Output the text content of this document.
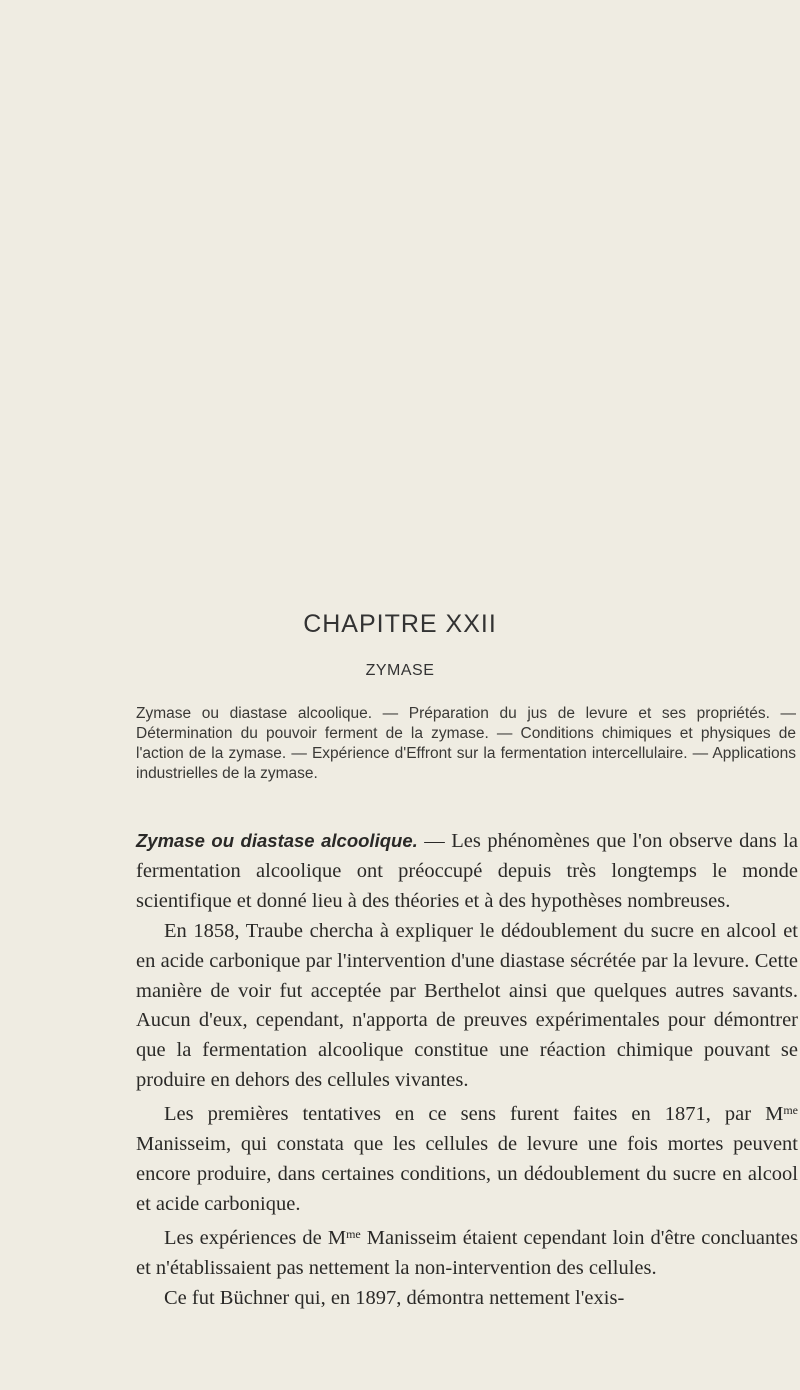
CHAPITRE XXII
ZYMASE
Zymase ou diastase alcoolique. — Préparation du jus de levure et ses propriétés. — Détermination du pouvoir ferment de la zymase. — Conditions chimiques et physiques de l'action de la zymase. — Expérience d'Effront sur la fermentation intercellulaire. — Applications industrielles de la zymase.

Zymase ou diastase alcoolique. — Les phénomènes que l'on observe dans la fermentation alcoolique ont préoccupé depuis très longtemps le monde scientifique et donné lieu à des théories et à des hypothèses nombreuses.

En 1858, Traube chercha à expliquer le dédoublement du sucre en alcool et en acide carbonique par l'intervention d'une diastase sécrétée par la levure. Cette manière de voir fut acceptée par Berthelot ainsi que quelques autres savants. Aucun d'eux, cependant, n'apporta de preuves expérimentales pour démontrer que la fermentation alcoolique constitue une réaction chimique pouvant se produire en dehors des cellules vivantes.

Les premières tentatives en ce sens furent faites en 1871, par $M^{me}$ Manisseim, qui constata que les cellules de levure une fois mortes peuvent encore produire, dans certaines conditions, un dédoublement du sucre en alcool et acide carbonique.

Les expériences de $M^{me}$ Manisseim étaient cependant loin d'être concluantes et n'établissaient pas nettement la non-intervention des cellules.

Ce fut Büchner qui, en 1897, démontra nettement l'exis-
